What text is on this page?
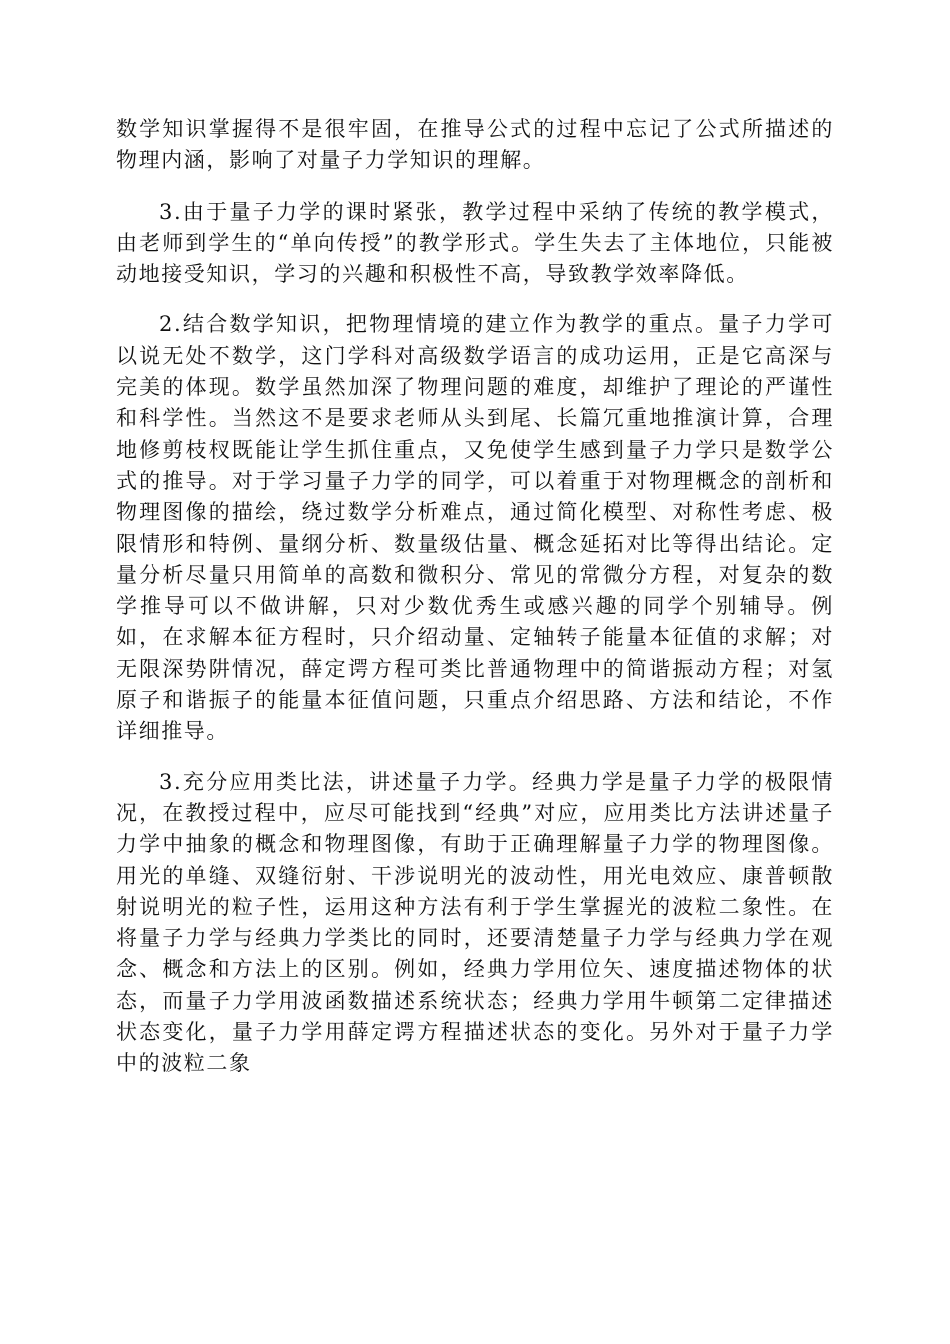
数学知识掌握得不是很牢固，在推导公式的过程中忘记了公式所描述的物理内涵，影响了对量子力学知识的理解。

3.由于量子力学的课时紧张，教学过程中采纳了传统的教学模式，由老师到学生的“单向传授”的教学形式。学生失去了主体地位，只能被动地接受知识，学习的兴趣和积极性不高，导致教学效率降低。

2.结合数学知识，把物理情境的建立作为教学的重点。量子力学可以说无处不数学，这门学科对高级数学语言的成功运用，正是它高深与完美的体现。数学虽然加深了物理问题的难度，却维护了理论的严谨性和科学性。当然这不是要求老师从头到尾、长篇冗重地推演计算，合理地修剪枝杈既能让学生抓住重点，又免使学生感到量子力学只是数学公式的推导。对于学习量子力学的同学，可以着重于对物理概念的剖析和物理图像的描绘，绕过数学分析难点，通过简化模型、对称性考虑、极限情形和特例、量纲分析、数量级估量、概念延拓对比等得出结论。定量分析尽量只用简单的高数和微积分、常见的常微分方程，对复杂的数学推导可以不做讲解，只对少数优秀生或感兴趣的同学个别辅导。例如，在求解本征方程时，只介绍动量、定轴转子能量本征值的求解；对无限深势阱情况，薛定谔方程可类比普通物理中的简谐振动方程；对氢原子和谐振子的能量本征值问题，只重点介绍思路、方法和结论，不作详细推导。

3.充分应用类比法，讲述量子力学。经典力学是量子力学的极限情况，在教授过程中，应尽可能找到“经典”对应，应用类比方法讲述量子力学中抽象的概念和物理图像，有助于正确理解量子力学的物理图像。用光的单缝、双缝衍射、干涉说明光的波动性，用光电效应、康普顿散射说明光的粒子性，运用这种方法有利于学生掌握光的波粒二象性。在将量子力学与经典力学类比的同时，还要清楚量子力学与经典力学在观念、概念和方法上的区别。例如，经典力学用位矢、速度描述物体的状态，而量子力学用波函数描述系统状态；经典力学用牛顿第二定律描述状态变化，量子力学用薛定谔方程描述状态的变化。另外对于量子力学中的波粒二象
